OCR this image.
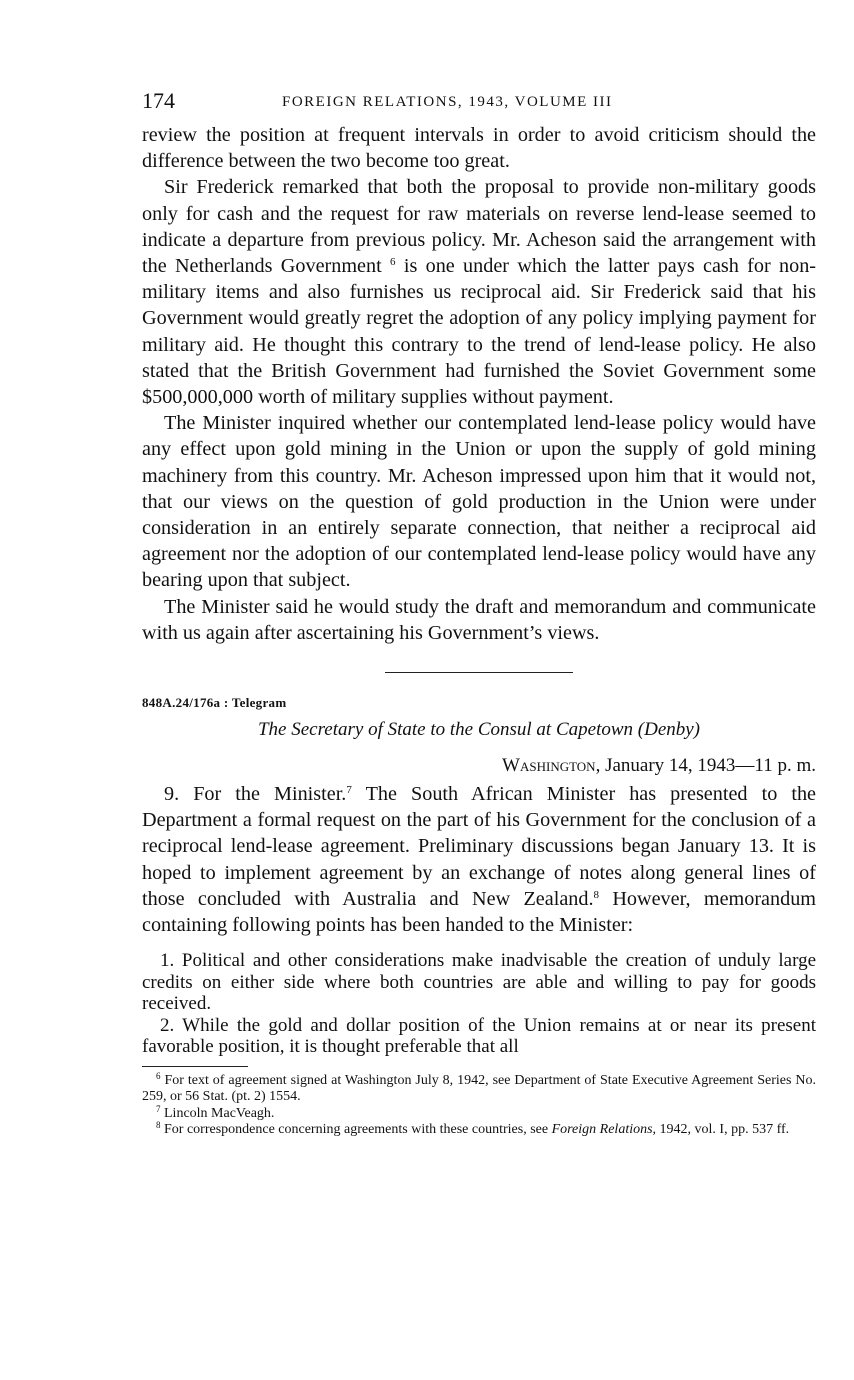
174	FOREIGN RELATIONS, 1943, VOLUME III

review the position at frequent intervals in order to avoid criticism should the difference between the two become too great.

Sir Frederick remarked that both the proposal to provide non-military goods only for cash and the request for raw materials on reverse lend-lease seemed to indicate a departure from previous policy. Mr. Acheson said the arrangement with the Netherlands Government $^6$ is one under which the latter pays cash for non-military items and also furnishes us reciprocal aid. Sir Frederick said that his Government would greatly regret the adoption of any policy implying payment for military aid. He thought this contrary to the trend of lend-lease policy. He also stated that the British Government had furnished the Soviet Government some $500,000,000 worth of military supplies without payment.

The Minister inquired whether our contemplated lend-lease policy would have any effect upon gold mining in the Union or upon the supply of gold mining machinery from this country. Mr. Acheson impressed upon him that it would not, that our views on the question of gold production in the Union were under consideration in an entirely separate connection, that neither a reciprocal aid agreement nor the adoption of our contemplated lend-lease policy would have any bearing upon that subject.

The Minister said he would study the draft and memorandum and communicate with us again after ascertaining his Government’s views.

848A.24/176a : Telegram
The Secretary of State to the Consul at Capetown (Denby)
Washington, January 14, 1943—11 p. m.

9. For the Minister.$^7$ The South African Minister has presented to the Department a formal request on the part of his Government for the conclusion of a reciprocal lend-lease agreement. Preliminary discussions began January 13. It is hoped to implement agreement by an exchange of notes along general lines of those concluded with Australia and New Zealand.$^8$ However, memorandum containing following points has been handed to the Minister:

1. Political and other considerations make inadvisable the creation of unduly large credits on either side where both countries are able and willing to pay for goods received.

2. While the gold and dollar position of the Union remains at or near its present favorable position, it is thought preferable that all

$^6$ For text of agreement signed at Washington July 8, 1942, see Department of State Executive Agreement Series No. 259, or 56 Stat. (pt. 2) 1554.

$^7$ Lincoln MacVeagh.

$^8$ For correspondence concerning agreements with these countries, see Foreign Relations, 1942, vol. I, pp. 537 ff.
